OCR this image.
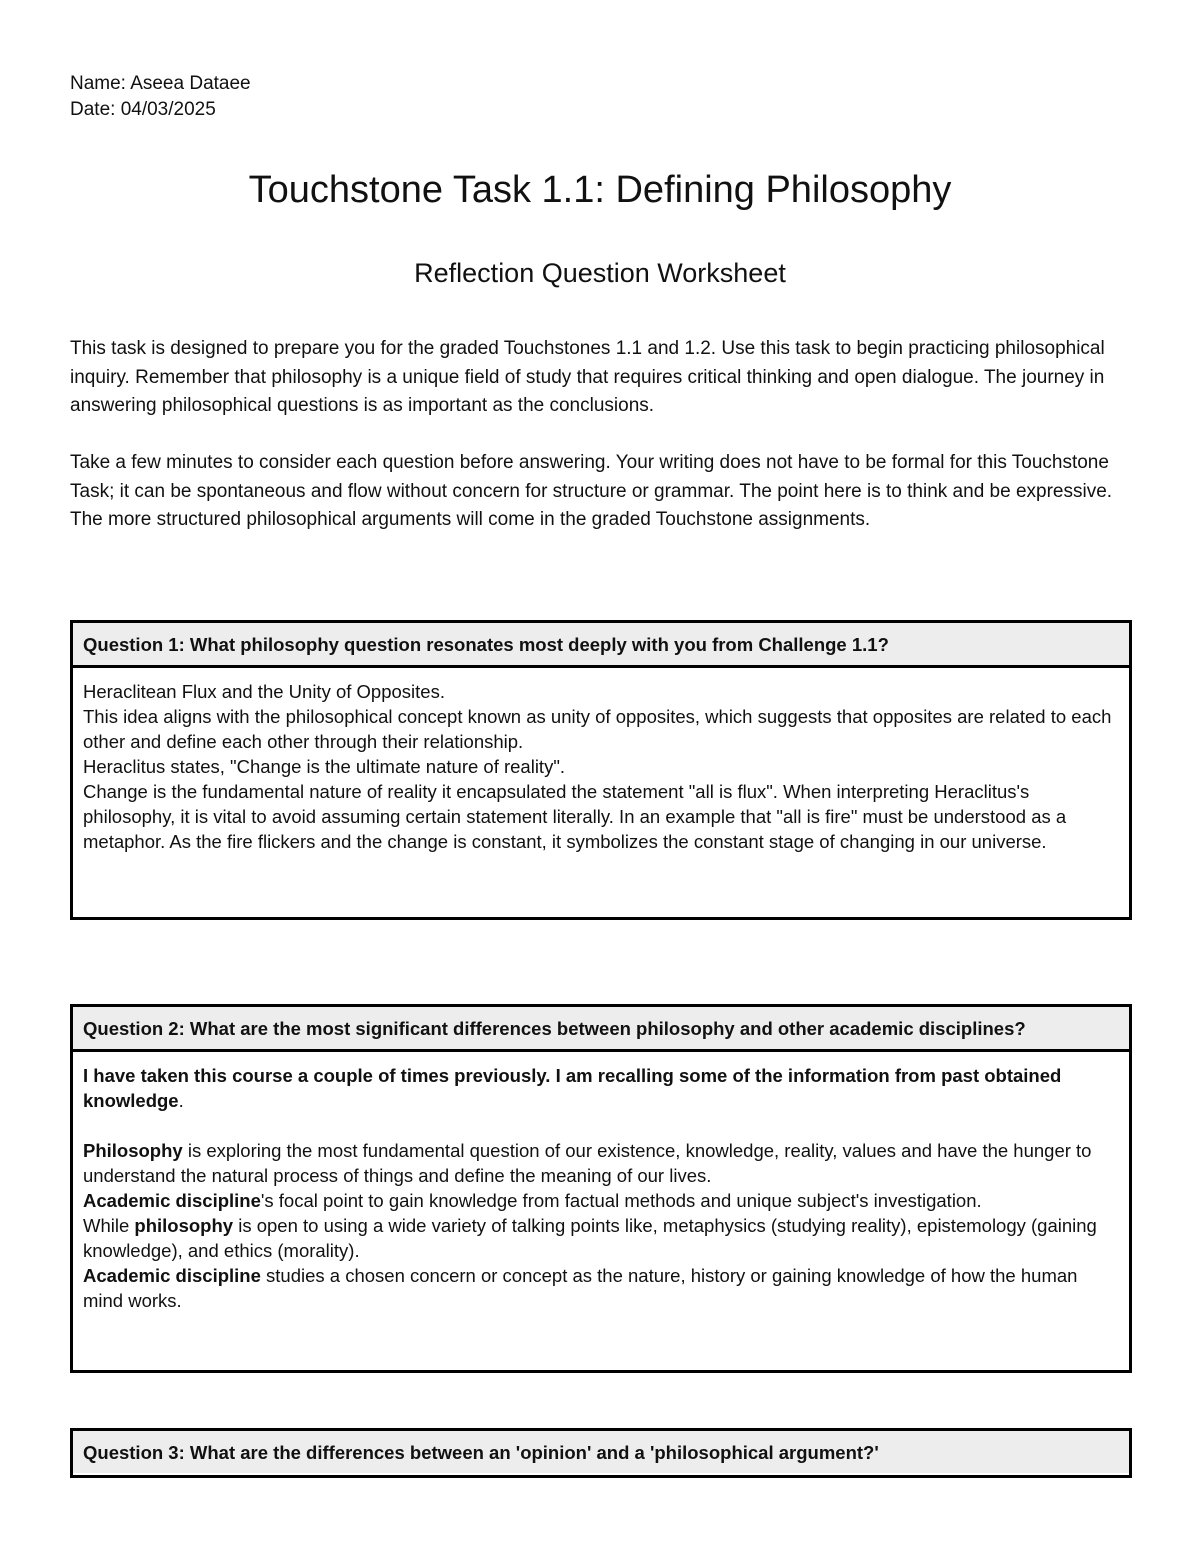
Name: Aseea Dataee
Date: 04/03/2025
Touchstone Task 1.1: Defining Philosophy
Reflection Question Worksheet

This task is designed to prepare you for the graded Touchstones 1.1 and 1.2. Use this task to begin practicing philosophical inquiry. Remember that philosophy is a unique field of study that requires critical thinking and open dialogue. The journey in answering philosophical questions is as important as the conclusions.

Take a few minutes to consider each question before answering. Your writing does not have to be formal for this Touchstone Task; it can be spontaneous and flow without concern for structure or grammar. The point here is to think and be expressive. The more structured philosophical arguments will come in the graded Touchstone assignments.

Question 1: What philosophy question resonates most deeply with you from Challenge 1.1?

Heraclitean Flux and the Unity of Opposites.

This idea aligns with the philosophical concept known as unity of opposites, which suggests that opposites are related to each other and define each other through their relationship.

Heraclitus states, "Change is the ultimate nature of reality".

Change is the fundamental nature of reality it encapsulated the statement "all is flux". When interpreting Heraclitus's philosophy, it is vital to avoid assuming certain statement literally. In an example that "all is fire" must be understood as a metaphor. As the fire flickers and the change is constant, it symbolizes the constant stage of changing in our universe.

Question 2: What are the most significant differences between philosophy and other academic disciplines?

I have taken this course a couple of times previously. I am recalling some of the information from past obtained knowledge.

Philosophy is exploring the most fundamental question of our existence, knowledge, reality, values and have the hunger to understand the natural process of things and define the meaning of our lives.

Academic discipline's focal point to gain knowledge from factual methods and unique subject's investigation.

While philosophy is open to using a wide variety of talking points like, metaphysics (studying reality), epistemology (gaining knowledge), and ethics (morality).

Academic discipline studies a chosen concern or concept as the nature, history or gaining knowledge of how the human mind works.

Question 3: What are the differences between an 'opinion' and a 'philosophical argument?'
